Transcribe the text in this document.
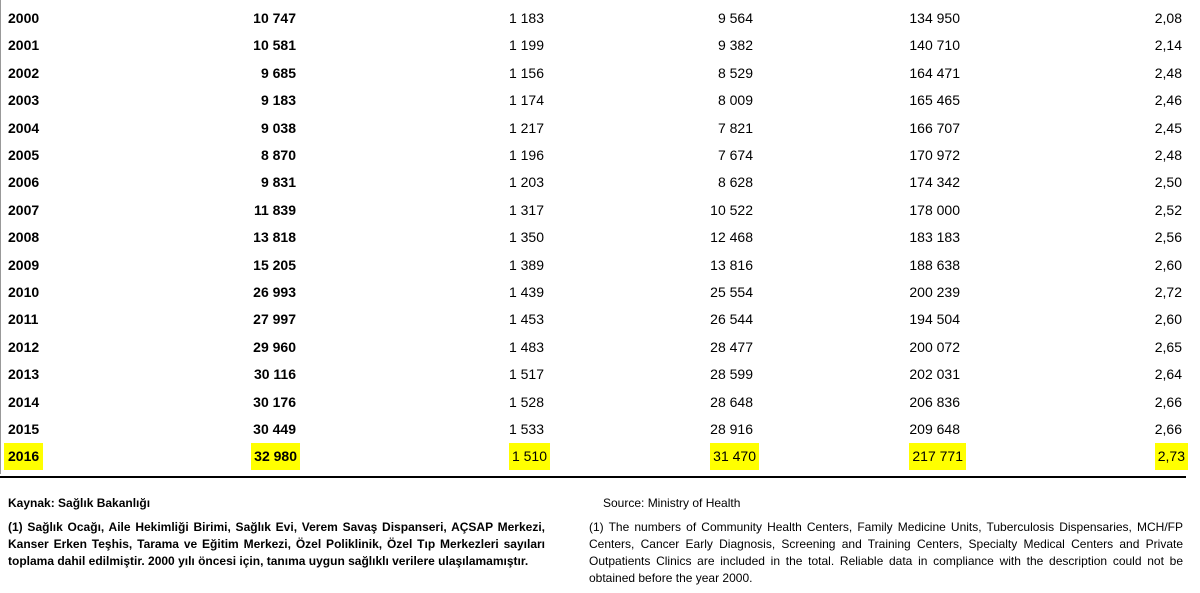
2000	10 747	1 183	9 564	134 950	2,08
2001	10 581	1 199	9 382	140 710	2,14
2002	9 685	1 156	8 529	164 471	2,48
2003	9 183	1 174	8 009	165 465	2,46
2004	9 038	1 217	7 821	166 707	2,45
2005	8 870	1 196	7 674	170 972	2,48
2006	9 831	1 203	8 628	174 342	2,50
2007	11 839	1 317	10 522	178 000	2,52
2008	13 818	1 350	12 468	183 183	2,56
2009	15 205	1 389	13 816	188 638	2,60
2010	26 993	1 439	25 554	200 239	2,72
2011	27 997	1 453	26 544	194 504	2,60
2012	29 960	1 483	28 477	200 072	2,65
2013	30 116	1 517	28 599	202 031	2,64
2014	30 176	1 528	28 648	206 836	2,66
2015	30 449	1 533	28 916	209 648	2,66
2016	32 980	1 510	31 470	217 771	2,73
Kaynak: Sağlık Bakanlığı	Source: Ministry of Health
(1) Sağlık Ocağı, Aile Hekimliği Birimi, Sağlık Evi, Verem Savaş Dispanseri, AÇSAP Merkezi, Kanser Erken Teşhis, Tarama ve Eğitim Merkezi, Özel Poliklinik, Özel Tıp Merkezleri sayıları toplama dahil edilmiştir. 2000 yılı öncesi için, tanıma uygun sağlıklı verilere ulaşılamamıştır.
(1) The numbers of Community Health Centers, Family Medicine Units, Tuberculosis Dispensaries, MCH/FP Centers, Cancer Early Diagnosis, Screening and Training Centers, Specialty Medical Centers and Private Outpatients Clinics are included in the total. Reliable data in compliance with the description could not be obtained before the year 2000.
